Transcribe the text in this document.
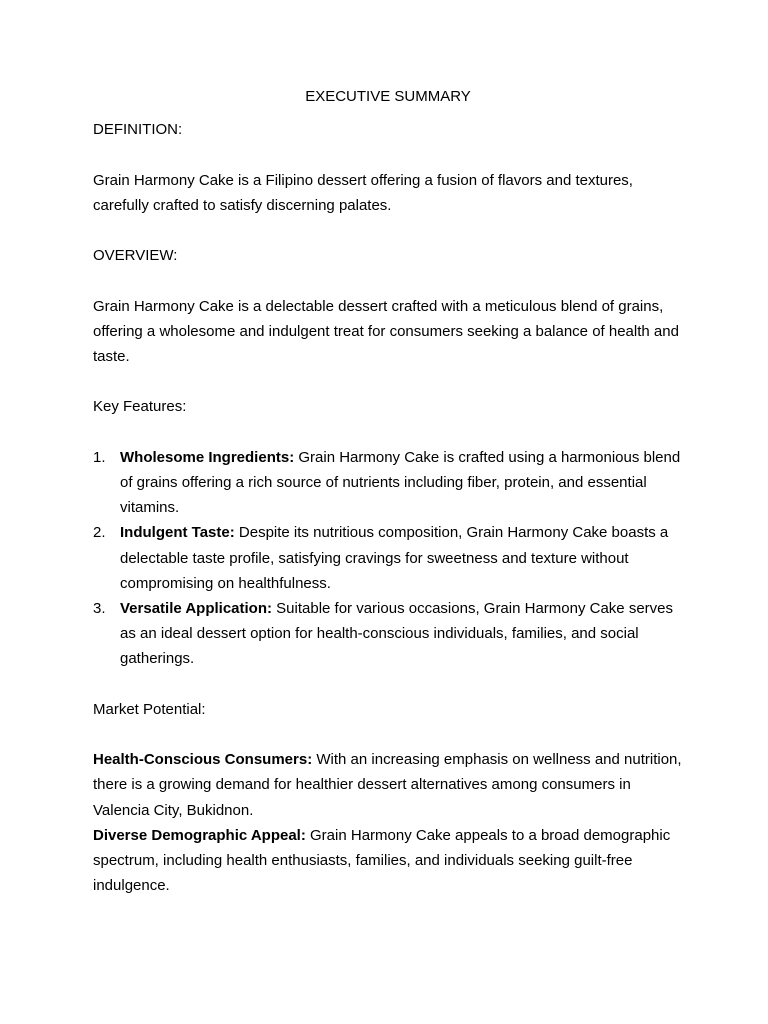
EXECUTIVE SUMMARY

DEFINITION:

Grain Harmony Cake is a Filipino dessert offering a fusion of flavors and textures, carefully crafted to satisfy discerning palates.

OVERVIEW:

Grain Harmony Cake is a delectable dessert crafted with a meticulous blend of grains, offering a wholesome and indulgent treat for consumers seeking a balance of health and taste.

Key Features:

1. Wholesome Ingredients: Grain Harmony Cake is crafted using a harmonious blend of grains offering a rich source of nutrients including fiber, protein, and essential vitamins.
2. Indulgent Taste: Despite its nutritious composition, Grain Harmony Cake boasts a delectable taste profile, satisfying cravings for sweetness and texture without compromising on healthfulness.
3. Versatile Application: Suitable for various occasions, Grain Harmony Cake serves as an ideal dessert option for health-conscious individuals, families, and social gatherings.

Market Potential:

Health-Conscious Consumers: With an increasing emphasis on wellness and nutrition, there is a growing demand for healthier dessert alternatives among consumers in Valencia City, Bukidnon.

Diverse Demographic Appeal: Grain Harmony Cake appeals to a broad demographic spectrum, including health enthusiasts, families, and individuals seeking guilt-free indulgence.
